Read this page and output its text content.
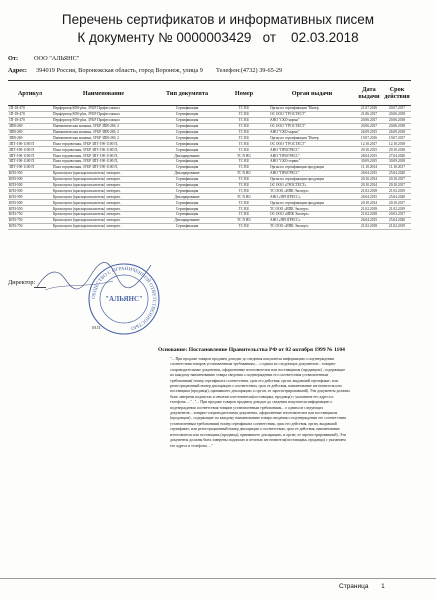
Перечень сертификатов и информативных писем
К документу № 0000003429   от    02.03.2018
От:	ООО "АЛЬЯНС"
Адрес: 394019 Россия, Воронежская область, город Воронеж, улица 9 Телефон:(4732) 39-65-29
Артикул	Наименование	Тип документа	Номер	Орган выдачи	Дата выдачи	Срок действия
1П-18-470	Перфоратор SDS-plus, ЗУБР Профессионал	Сертификация	ТС RU	Орган по сертификации "Интер	21.07.2016	20.07.2017
1П-18-470	Перфоратор SDS-plus, ЗУБР Профессионал	Сертификация	ТС RU	ОС ООО "ГРОСТЕСТ"	21.06.2017	20.06.2018
1П-18-470	Перфоратор SDS-plus, ЗУБР Профессионал	Сертификация	ТС RU	АНО "СКО-норма"	20.06.2017	20.06.2018
ЗПВ-269	Пневматическая машина, ЗУБР ЗПВ-269, 2	Сертификация	ТС RU	ОС ООО "ГРОСТЕСТ"	20.06.2017	20.06.2018
ЗПВ-269	Пневматическая машина, ЗУБР ЗПВ-269, 2	Сертификация	ТС RU	АНО "СКО-норма"	26.09.2015	26.09.2018
ЗПВ-269	Пневматическая машина, ЗУБР ЗПВ-269, 2	Сертификация	ТС RU	Орган по сертификации "Интер	19.07.2016	19.07.2017
ЗПТ-190-1100 П	Пила торцовочная, ЗУБР ЗПТ-190-1100 П,	Сертификация	ТС RU	ОС ООО "ГРОСТЕСТ"	12.10.2017	12.10.2018
ЗПТ-190-1100 П	Пила торцовочная, ЗУБР ЗПТ-190-1100 П,	Сертификация	ТС RU	АНО "ПРОГРЕСС"	29.10.2015	29.10.2018
ЗПТ-190-1100 П	Пила торцовочная, ЗУБР ЗПТ-190-1100 П,	Декларирование	ТС N RU	АНО "ПРОГРЕСС"	28.04.2015	27.04.2020
ЗПТ-190-1100 П	Пила торцовочная, ЗУБР ЗПТ-190-1100 П,	Сертификация	ТС RU	АНО "СКО-сервис"	30.09.2015	30.09.2018
ЗПТ-190-1100 П	Пила торцовочная, ЗУБР ЗПТ-190-1100 П,	Сертификация	ТС RU	Орган по сертификации продукции	11.10.2014	11.10.2017
КПЗ-350	Краскопульт (краскораспылитель) электрич.	Декларирование	ТС N RU	АНО "ПРОГРЕСС"	26.04.2015	25.04.2020
КПЗ-500	Краскопульт (краскораспылитель) электрич.	Сертификация	ТС RU	Орган по сертификации продукции	20.10.2014	20.10.2017
КПЗ-500	Краскопульт (краскораспылитель) электрич.	Сертификация	ТС RU	ОС ООО «ГРОСТЕСТ»	20.10.2014	20.10.2017
КПЗ-500	Краскопульт (краскораспылитель) электрич.	Сертификация	ТС RU	ТС ООО «ИПК Эксперт»	21.02.2018	21.02.2019
КПЗ-500	Краскопульт (краскораспылитель) электрич.	Декларирование	ТС N RU	АНО «ПРОГРЕСС»	26.04.2015	25.04.2020
КПЗ-500	Краскопульт (краскораспылитель) электрич.	Сертификация	ТС RU	Орган по сертификации продукции	20.10.2014	20.10.2017
КПЗ-550	Краскопульт (краскораспылитель) электрич.	Сертификация	ТС RU	ТС ООО «ИПК Эксперт»	21.02.2018	21.02.2019
КПЗ-750	Краскопульт (краскораспылитель) электрич.	Сертификация	ТС RU	ОС ООО «ИПК Эксперт»	21.02.2018	20.03.2017
КПЗ-750	Краскопульт (краскораспылитель) электрич.	Декларирование	ТС N RU	АНО «ПРОГРЕСС»	26.04.2015	25.04.2020
КПЗ-750	Краскопульт (краскораспылитель) электрич.	Сертификация	ТС RU	ТС ООО «ИПК Эксперт»	21.02.2018	21.02.2019
Директор:
ОБЩЕСТВО С ОГРАНИЧЕННОЙ ОТВЕТСТВЕННОСТЬЮ
"АЛЬЯНС"
М.П.
Основание: Постановление Правительства РФ от 02 октября 1999 № 1104

"... При продаже товаров продавец доводит до сведения покупателя информацию о подтверждении

соответствия товаров установленным требованиям.... о одним из следующих документов:.. товарно-

сопроводительные документы, оформленные изготовителем или поставщиком (продавцом) , содержащие

по каждому наименованию товара сведения о подтверждении его соответствия установленным

требованиям( номер сертификата соответствия, срок его действия, орган, выдавший сертификат; или

регистрационный номер декларации о соответствии, срок ее действия, наименование изготовителя или

поставщика (продавца), принявшего декларацию, и орган, ее зарегистрировавший). Эти документы должны

быть заверены подписью и печатью изготовителя(поставщика, продавца) с указанием его адреса и

телефона. ..." , "... При продаже товаров продавец доводит до сведения покупателя информацию о

подтверждении соответствия товаров установленным требованиям... о одним из следующих

документов:...товарно-сопроводительная документы, оформленные изготовителем или поставщиком

(продавцом) , содержащие по каждому наименованию товара сведения о подтверждении его соответствия

установленным требованиям( номер сертификата соответствия, срок его действия, орган, выдавший

сертификат; или регистрационный номер декларации о соответствии, срок ее действия, наименование

изготовителя или поставщика (продавца), принявшего декларацию, и орган, ее зарегистрировавший). Эти

документы должны быть заверены подписью и печатью изготовителя(поставщика, продавца) с указанием

его адреса и телефона. ..."

Страница 1
